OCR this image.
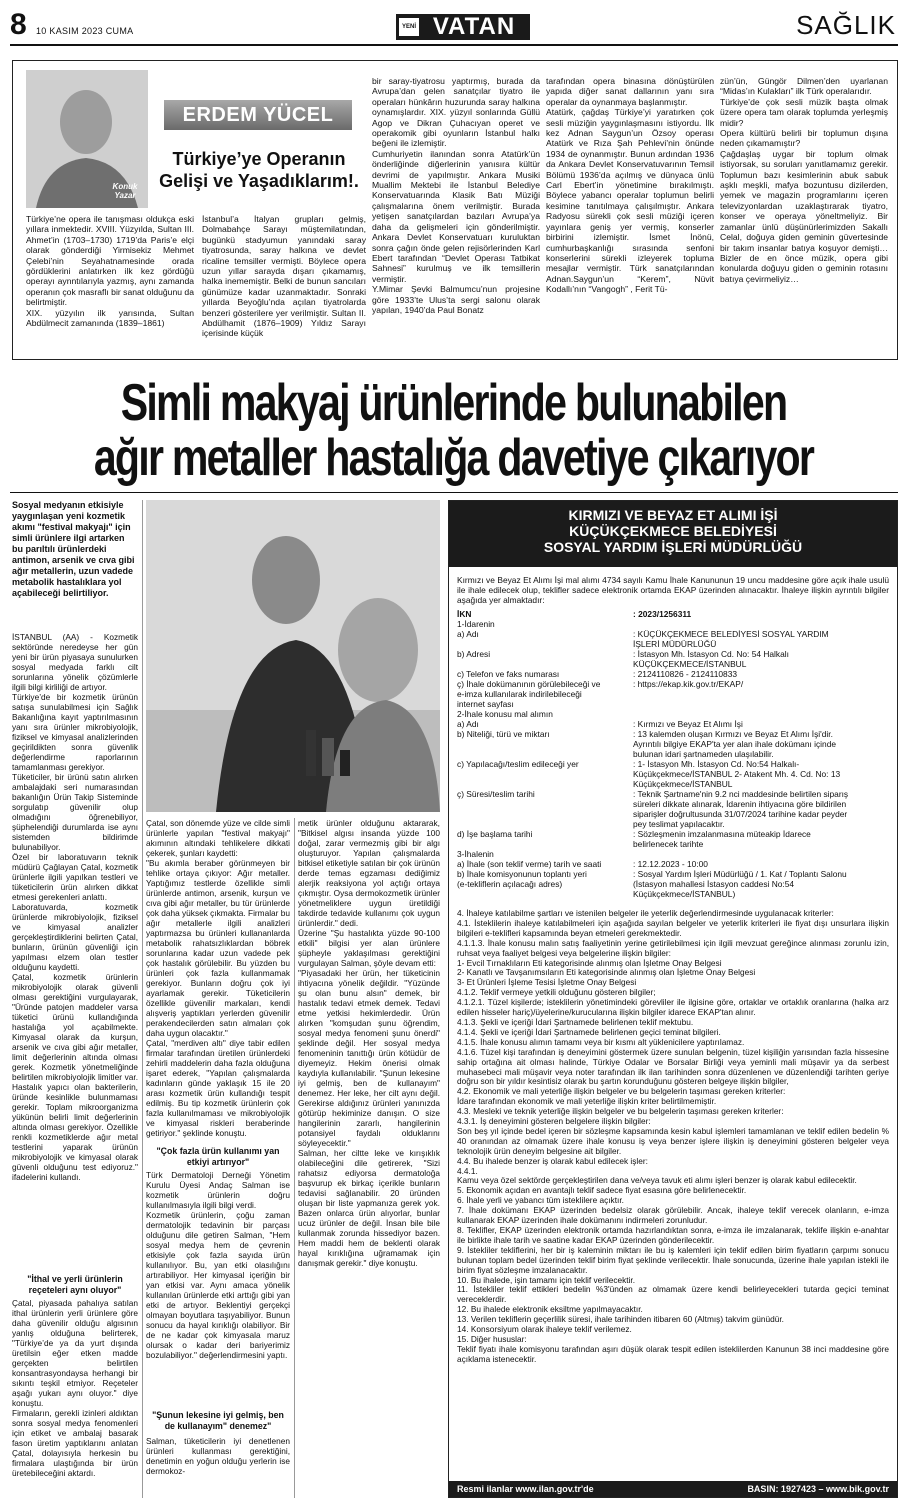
8 10 KASIM 2023 CUMA	YENİ VATAN	SAĞLIK
Konuk Yazar
ERDEM YÜCEL
Türkiye’ye Operanın Gelişi ve Yaşadıklarım!.
Türkiye’ne opera ile tanışması oldukça eski yıllara inmektedir. XVIII. Yüzyılda, Sultan III. Ahmet’in (1703–1730) 1719’da Paris’e elçi olarak gönderdiği Yirmisekiz Mehmet Çelebi’nin Seyahatnamesinde orada gördüklerini anlatırken ilk kez gördüğü operayı aynntılarıyla yazmış, aynı zamanda operanın çok masraflı bir sanat olduğunu da belirtmiştir.
XIX. yüzyılın ilk yarısında, Sultan Abdülmecit zamanında (1839–1861)
İstanbul’a İtalyan grupları gelmiş, Dolmabahçe Sarayı müştemilatından, bugünkü stadyumun yanındaki saray tiyatrosunda, saray halkına ve devlet ricaline temsiller vermişti. Böylece opera uzun yıllar sarayda dışarı çıkamamış, halka inememiştir. Belki de bunun sancıları günümüze kadar uzanmaktadır. Sonraki yıllarda Beyoğlu’nda açılan tiyatrolarda benzeri gösterilere yer verilmiştir. Sultan II. Abdülhamit (1876–1909) Yıldız Sarayı içerisinde küçük
bir saray-tiyatrosu yaptırmış, burada da Avrupa’dan gelen sanatçılar tiyatro ile operaları hünkârın huzurunda saray halkına oynamışlardır. XIX. yüzyıl sonlarında Güllü Agop ve Dikran Çuhacıyan operet ve operakomik gibi oyunların İstanbul halkı beğeni ile izlemiştir.
Cumhuriyetin ilanından sonra Atatürk’ün önderliğinde diğerlerinin yanısıra kültür devrimi de yapılmıştır. Ankara Musiki Muallim Mektebi ile İstanbul Belediye Konservatuarında Klasik Batı Müziği çalışmalarına önem verilmiştir. Burada yetişen sanatçılardan bazıları Avrupa’ya daha da gelişmeleri için gönderilmiştir. Ankara Devlet Konservatuarı kuruluktan sonra çağın önde gelen rejisörlerinden Karl Ebert tarafından “Devlet Operası Tatbikat Sahnesi” kurulmuş ve ilk temsillerin vermiştir.
Y.Mimar Şevki Balmumcu’nun projesine göre 1933’te Ulus’ta sergi salonu olarak yapılan, 1940’da Paul Bonatz
tarafından opera binasına dönüştürülen yapıda diğer sanat dallarının yanı sıra operalar da oynanmaya başlanmıştır.
Atatürk, çağdaş Türkiye’yi yaratırken çok sesli müziğin yaygınlaşmasını istiyordu. İlk kez Adnan Saygun’un Özsoy operası Atatürk ve Rıza Şah Pehlevi’nin önünde 1934 de oynanmıştır. Bunun ardından 1936 da Ankara Devlet Konservatuvarının Temsil Bölümü 1936’da açılmış ve dünyaca ünlü Carl Ebert’in yönetimine bırakılmıştı. Böylece yabancı operalar toplumun belirli kesimine tanıtılmaya çalışılmıştır. Ankara Radyosu sürekli çok sesli müziği içeren yayınlara geniş yer vermiş, konserler birbirini izlemiştir. İsmet İnönü, cumhurbaşkanlığı sırasında senfoni konserlerini sürekli izleyerek topluma mesajlar vermiştir. Türk sanatçılarından Adnan.Saygun’un “Kerem”, Nüvit Kodallı’nın “Vangogh” , Ferit Tü-
zün’ün, Güngör Dilmen’den uyarlanan “Midas’ın Kulakları” ilk Türk operalarıdır.
Türkiye’de çok sesli müzik başta olmak üzere opera tam olarak toplumda yerleşmiş midir?
Opera kültürü belirli bir toplumun dışına neden çıkamamıştır?
Çağdaşlaş uygar bir toplum olmak istiyorsak, su soruları yanıtlamamız gerekir. Toplumun bazı kesimlerinin abuk sabuk aşklı meşkli, mafya bozuntusu dizilerden, yemek ve magazin programlarını içeren televizyonlardan uzaklaştırarak tiyatro, konser ve operaya yöneltmeliyiz. Bir zamanlar ünlü düşünürlerimizden Sakallı Celal, doğuya giden geminin güvertesinde bir takım insanlar batıya koşuyor demişti… Bizler de en önce müzik, opera gibi konularda doğuyu giden o geminin rotasını batıya çevirmeliyiz…
Simli makyaj ürünlerinde bulunabilen
ağır metaller hastalığa davetiye çıkarıyor
Sosyal medyanın etkisiyle yaygınlaşan yeni kozmetik akımı "festival makyajı" için simli ürünlere ilgi artarken bu parıltılı ürünlerdeki antimon, arsenik ve cıva gibi ağır metallerin, uzun vadede metabolik hastalıklara yol açabileceği belirtiliyor.
İSTANBUL (AA) - Kozmetik sektöründe neredeyse her gün yeni bir ürün piyasaya sunulurken sosyal medyada farklı cilt sorunlarına yönelik çözümlerle ilgili bilgi kirliliği de artıyor.
Türkiye’de bir kozmetik ürünün satışa sunulabilmesi için Sağlık Bakanlığına kayıt yaptırılmasının yanı sıra ürünler mikrobiyolojik, fiziksel ve kimyasal analizlerinden geçirildikten sonra güvenlik değerlendirme raporlarının tamamlanması gerekiyor.
Tüketiciler, bir ürünü satın alırken ambalajdaki seri numarasından bakanlığın Ürün Takip Sisteminde sorgulatıp güvenilir olup olmadığını öğrenebiliyor, şüphelendiği durumlarda ise aynı sistemden bildirimde bulunabiliyor.
Özel bir laboratuvarın teknik müdürü Çağlayan Çatal, kozmetik ürünlerle ilgili yapılkan testleri ve tüketicilerin ürün alırken dikkat etmesi gerekenleri anlattı.
Laboratuvarda, kozmetik ürünlerde mikrobiyolojik, fiziksel ve kimyasal analizler gerçekleştirdiklerini belirten Çatal, bunların, ürünün güvenliği için yapılması elzem olan testler olduğunu kaydetti.
Çatal, kozmetik ürünlerin mikrobiyolojik olarak güvenli olması gerektiğini vurgulayarak, "Üründe patojen maddeler varsa tüketici ürünü kullandığında hastalığa yol açabilmekte. Kimyasal olarak da kurşun, arsenik ve cıva gibi ağır metaller, limit değerlerinin altında olması gerek. Kozmetik yönetmeliğinde belirtilen mikrobiyolojik limitler var. Hastalık yapıcı olan bakterilerin, üründe kesinlikle bulunmaması gerekir. Toplam mikroorganizma yükünün belirli limit değerlerinin altında olması gerekiyor. Özellikle renkli kozmetiklerde ağır metal testlerini yaparak ürünün mikrobiyolojik ve kimyasal olarak güvenli olduğunu test ediyoruz." ifadelerini kullandı.
"İthal ve yerli ürünlerin reçeteleri aynı oluyor"
Çatal, piyasada pahalıya satılan ithal ürünlerin yerli ürünlere göre daha güvenilir olduğu algısının yanlış olduğuna belirterek, "Türkiye’de ya da yurt dışında üretilsin eğer etken madde gerçekten belirtilen konsantrasyondaysa herhangi bir sıkıntı teşkil etmiyor. Reçeteler aşağı yukarı aynı oluyor." diye konuştu.
Firmaların, gerekli izinleri aldıktan sonra sosyal medya fenomenleri için etiket ve ambalaj basarak fason üretim yaptıklarını anlatan Çatal, dolayısıyla herkesin bu firmalara ulaştığında bir ürün üretebileceğini aktardı.
Çatal, son dönemde yüze ve cilde simli ürünlerle yapılan "festival makyajı" akımının altındaki tehlikelere dikkati çekerek, şunları kaydetti:
"Bu akımla beraber görünmeyen bir tehlike ortaya çıkıyor: Ağır metaller. Yaptığımız testlerde özellikle simli ürünlerde antimon, arsenik, kurşun ve cıva gibi ağır metaller, bu tür ürünlerde çok daha yüksek çıkmakta. Firmalar bu ağır metallerle ilgili analizleri yaptırmazsa bu ürünleri kullananlarda metabolik rahatsızlıklardan böbrek sorunlarına kadar uzun vadede pek çok hastalık görülebilir. Bu yüzden bu ürünleri çok fazla kullanmamak gerekiyor. Bunların doğru çok iyi ayarlamak gerekir. Tüketicilerin özellikle güvenilir markaları, kendi alışveriş yaptıkları yerlerden güvenilir perakendecilerden satın almaları çok daha uygun olacaktır."
Çatal, "merdiven altı" diye tabir edilen firmalar tarafından üretilen ürünlerdeki zehirli maddelerin daha fazla olduğuna işaret ederek, "Yapılan çalışmalarda kadınların günde yaklaşık 15 ile 20 arası kozmetik ürün kullandığı tespit edilmiş. Bu tip kozmetik ürünlerin çok fazla kullanılmaması ve mikrobiyolojik ve kimyasal riskleri beraberinde getiriyor." şeklinde konuştu.
"Çok fazla ürün kullanımı yan etkiyi artırıyor"
Türk Dermatoloji Derneği Yönetim Kurulu Üyesi Andaç Salman ise kozmetik ürünlerin doğru kullanılmasıyla ilgili bilgi verdi.
Kozmetik ürünlerin, çoğu zaman dermatolojik tedavinin bir parçası olduğunu dile getiren Salman, "Hem sosyal medya hem de çevrenin etkisiyle çok fazla sayıda ürün kullanılıyor. Bu, yan etki olasılığını artırabiliyor. Her kimyasal içeriğin bir yan etkisi var. Aynı amaca yönelik kullanılan ürünlerde etki arttığı gibi yan etki de artıyor. Beklentiyi gerçekçi olmayan boyutlara taşıyabiliyor. Bunun sonucu da hayal kırıklığı olabiliyor. Bir de ne kadar çok kimyasala maruz olursak o kadar deri bariyerimiz bozulabiliyor." değerlendirmesini yaptı.
"Şunun lekesine iyi gelmiş, ben de kullanayım" denemez"
Salman, tüketicilerin iyi denetlenen ürünleri kullanması gerektiğini, denetimin en yoğun olduğu yerlerin ise dermokoz-
metik ürünler olduğunu aktararak, "Bitkisel algısı insanda yüzde 100 doğal, zarar vermezmiş gibi bir algı oluşturuyor. Yapılan çalışmalarda bitkisel etiketiyle satılan bir çok ürünün derde temas egzaması dediğimiz alerjik reaksiyona yol açtığı ortaya çıkmıştır. Oysa dermokozmetik ürünler yönetmeliklere uygun üretildiği takdirde tedavide kullanımı çok uygun ürünlerdir." dedi.
Üzerine "Şu hastalıkta yüzde 90-100 etkili" bilgisi yer alan ürünlere şüpheyle yaklaşılması gerektiğini vurgulayan Salman, şöyle devam etti:
"Piyasadaki her ürün, her tüketicinin ihtiyacına yönelik değildir. "Yüzünde şu olan bunu alsın" demek, bir hastalık tedavi etmek demek. Tedavi etme yetkisi hekimlerdedir. Ürün alırken "komşudan şunu öğrendim, sosyal medya fenomeni şunu önerdi" şeklinde değil. Her sosyal medya fenomeninin tanıttığı ürün kötüdür de diyemeyiz. Hekim önerisi olmak kaydıyla kullanılabilir. "Şunun lekesine iyi gelmiş, ben de kullanayım" denemez. Her leke, her cilt aynı değil. Gerekirse aldığınız ürünleri yanınızda götürüp hekiminize danışın. O size hangilerinin zararlı, hangilerinin potansiyel faydalı olduklarını söyleyecektir."
Salman, her ciltte leke ve kırışıklık olabileceğini dile getirerek, "Sizi rahatsız ediyorsa dermatoloğa başvurup ek birkaç içerikle bunların tedavisi sağlanabilir. 20 üründen oluşan bir liste yapmanıza gerek yok. Bazen onlarca ürün alıyorlar, bunlar ucuz ürünler de değil. İnsan bile bile kullanmak zorunda hissediyor bazen. Hem maddi hem de beklenti olarak hayal kırıklığına uğramamak için danışmak gerekir." diye konuştu.
KIRMIZI VE BEYAZ ET ALIMI İŞİ
KÜÇÜKÇEKMECE BELEDİYESİ
SOSYAL YARDIM İŞLERİ MÜDÜRLÜĞÜ
Kırmızı ve Beyaz Et Alımı İşi mal alımı 4734 sayılı Kamu İhale Kanununun 19 uncu maddesine göre açık ihale usulü ile ihale edilecek olup, teklifler sadece elektronik ortamda EKAP üzerinden alınacaktır. İhaleye ilişkin ayrıntılı bilgiler aşağıda yer almaktadır:
İKN	: 2023/1256311
1-İdarenin
a) Adı	: KÜÇÜKÇEKMECE BELEDİYESİ SOSYAL YARDIM
İŞLERİ MÜDÜRLÜĞÜ
b) Adresi	: İstasyon Mh. İstasyon Cd. No: 54 Halkalı
KÜÇÜKÇEKMECE/İSTANBUL
c) Telefon ve faks numarası	: 2124110826 - 2124110833
ç) İhale dokümanının görülebileceği ve
e-imza kullanılarak indirilebileceği
internet sayfası
: https://ekap.kik.gov.tr/EKAP/
2-İhale konusu mal alımın
a) Adı	: Kırmızı ve Beyaz Et Alımı İşi
b) Niteliği, türü ve miktarı	: 13 kalemden oluşan Kırmızı ve Beyaz Et Alımı İşi'dir.
Ayrıntılı bilgiye EKAP'ta yer alan ihale dokümanı içinde
bulunan idari şartnameden ulaşılabilir.
c) Yapılacağı/teslim edileceği yer	: 1- İstasyon Mh. İstasyon Cd. No:54 Halkalı-
Küçükçekmece/İSTANBUL 2- Atakent Mh. 4. Cd. No: 13
Küçükçekmece/İSTANBUL
ç) Süresi/teslim tarihi	: Teknik Şartname'nin 9.2 nci maddesinde belirtilen siparış
süreleri dikkate alınarak, İdarenin ihtiyacına göre bildirilen
siparişler doğrultusunda 31/07/2024 tarihine kadar peyder
pey teslimat yapılacaktır.
d) İşe başlama tarihi	: Sözleşmenin imzalanmasına müteakip İdarece
belirlenecek tarihte
3-İhalenin
a) İhale (son teklif verme) tarih ve saati	: 12.12.2023 - 10:00
b) İhale komisyonunun toplantı yeri
(e-tekliflerin açılacağı adres)
: Sosyal Yardım İşleri Müdürlüğü / 1. Kat / Toplantı Salonu
(İstasyon mahallesi İstasyon caddesi No:54
Küçükçekmece/İSTANBUL)
4. İhaleye katılabilme şartları ve istenilen belgeler ile yeterlik değerlendirmesinde uygulanacak kriterler:
4.1. İsteklilerin ihaleye katılabilmeleri için aşağıda sayılan belgeler ve yeterlik kriterleri ile fiyat dışı unsurlara ilişkin bilgileri e-teklifleri kapsamında beyan etmeleri gerekmektedir.
4.1.1.3. İhale konusu malın satış faaliyetinin yerine getirilebilmesi için ilgili mevzuat gereğince alınması zorunlu izin, ruhsat veya faaliyet belgesi veya belgelerine ilişkin bilgiler:
1- Evcil Tırnaklıların Eti kategorisinde alınmış olan İşletme Onay Belgesi
2- Kanatlı ve Tavşanımsıların Eti kategorisinde alınmış olan İşletme Onay Belgesi
3- Et Ürünleri İşleme Tesisi İşletme Onay Belgesi
4.1.2. Teklif vermeye yetkili olduğunu gösteren bilgiler;
4.1.2.1. Tüzel kişilerde; isteklilerin yönetimindeki görevliler ile ilgisine göre, ortaklar ve ortaklık oranlarına (halka arz edilen hisseler hariç)/üyelerine/kurucularına ilişkin bilgiler idarece EKAP'tan alınır.
4.1.3. Şekli ve içeriği İdari Şartnamede belirlenen teklif mektubu.
4.1.4. Şekli ve içeriği İdari Şartnamede belirlenen geçici teminat bilgileri.
4.1.5. İhale konusu alımın tamamı veya bir kısmı alt yüklenicilere yaptırılamaz.
4.1.6. Tüzel kişi tarafından iş deneyimini göstermek üzere sunulan belgenin, tüzel kişiliğin yarısından fazla hissesine sahip ortağına ait olması halinde, Türkiye Odalar ve Borsalar Birliği veya yeminli mali müşavir ya da serbest muhasebeci mali müşavir veya noter tarafından ilk ilan tarihinden sonra düzenlenen ve düzenlendiği tarihten geriye doğru son bir yıldır kesintisiz olarak bu şartın korunduğunu gösteren belgeye ilişkin bilgiler,
4.2. Ekonomik ve mali yeterliğe ilişkin belgeler ve bu belgelerin taşıması gereken kriterler:
İdare tarafından ekonomik ve mali yeterliğe ilişkin kriter belirtilmemiştir.
4.3. Mesleki ve teknik yeterliğe ilişkin belgeler ve bu belgelerin taşıması gereken kriterler:
4.3.1. İş deneyimini gösteren belgelere ilişkin bilgiler:
Son beş yıl içinde bedel içeren bir sözleşme kapsamında kesin kabul işlemleri tamamlanan ve teklif edilen bedelin % 40 oranından az olmamak üzere ihale konusu iş veya benzer işlere ilişkin iş deneyimini gösteren belgeler veya teknolojik ürün deneyim belgesine ait bilgiler.
4.4. Bu ihalede benzer iş olarak kabul edilecek işler:
4.4.1.
Kamu veya özel sektörde gerçekleştirilen dana ve/veya tavuk eti alımı işleri benzer iş olarak kabul edilecektir.
5. Ekonomik açıdan en avantajlı teklif sadece fiyat esasına göre belirlenecektir.
6. İhale yerli ve yabancı tüm isteklilere açıktır.
7. İhale dokümanı EKAP üzerinden bedelsiz olarak görülebilir. Ancak, ihaleye teklif verecek olanların, e-imza kullanarak EKAP üzerinden ihale dokümanını indirmeleri zorunludur.
8. Teklifler, EKAP üzerinden elektronik ortamda hazırlandıktan sonra, e-imza ile imzalanarak, teklife ilişkin e-anahtar ile birlikte ihale tarih ve saatine kadar EKAP üzerinden gönderilecektir.
9. İstekliler tekliflerini, her bir iş kaleminin miktarı ile bu iş kalemleri için teklif edilen birim fiyatların çarpımı sonucu bulunan toplam bedel üzerinden teklif birim fiyat şeklinde verilecektir. İhale sonucunda, üzerine ihale yapılan istekli ile birim fiyat sözleşme imzalanacaktır.
10. Bu ihalede, işin tamamı için teklif verilecektir.
11. İstekliler teklif ettikleri bedelin %3'ünden az olmamak üzere kendi belirleyecekleri tutarda geçici teminat vereceklerdir.
12. Bu ihalede elektronik eksiltme yapılmayacaktır.
13. Verilen tekliflerin geçerlilik süresi, ihale tarihinden itibaren 60 (Altmış) takvim günüdür.
14. Konsorsiyum olarak ihaleye teklif verilemez.
15. Diğer hususlar:
Teklif fiyatı ihale komisyonu tarafından aşırı düşük olarak tespit edilen isteklilerden Kanunun 38 inci maddesine göre açıklama istenecektir.
Resmi ilanlar www.ilan.gov.tr'de	BASIN: 1927423 – www.bik.gov.tr
